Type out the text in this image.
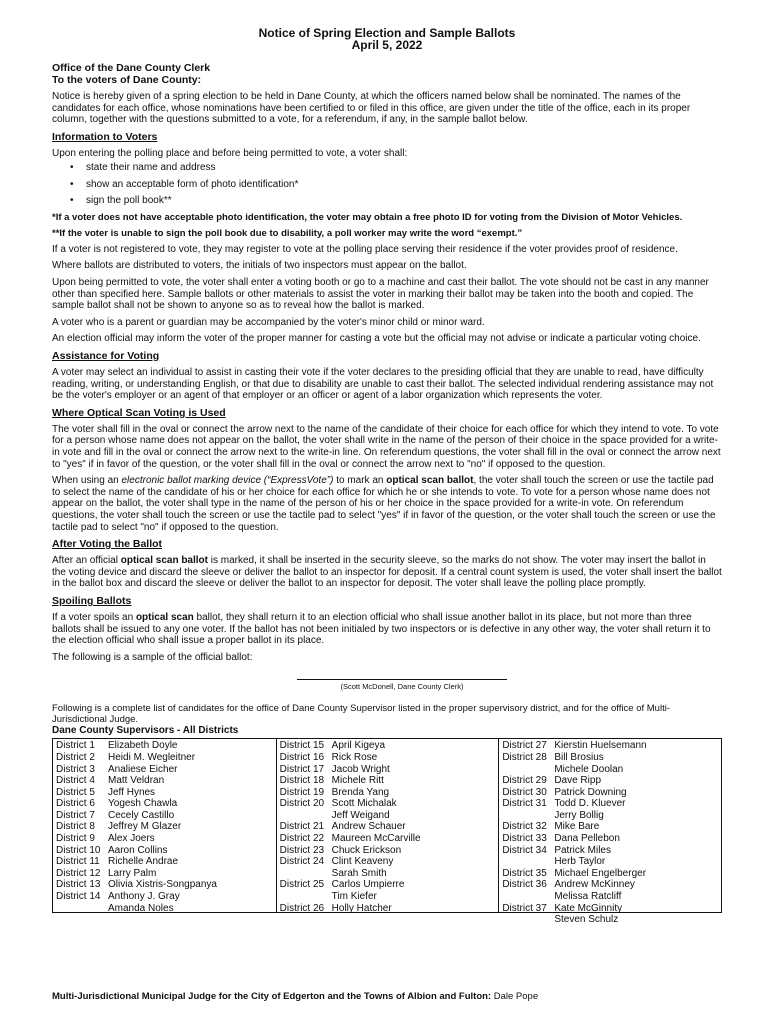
Notice of Spring Election and Sample Ballots
April 5, 2022
Office of the Dane County Clerk
To the voters of Dane County:

Notice is hereby given of a spring election to be held in Dane County, at which the officers named below shall be nominated. The names of the candidates for each office, whose nominations have been certified to or filed in this office, are given under the title of the office, each in its proper column, together with the questions submitted to a vote, for a referendum, if any, in the sample ballot below.

Information to Voters

Upon entering the polling place and before being permitted to vote, a voter shall:

• state their name and address
• show an acceptable form of photo identification*
• sign the poll book**

*If a voter does not have acceptable photo identification, the voter may obtain a free photo ID for voting from the Division of Motor Vehicles.

**If the voter is unable to sign the poll book due to disability, a poll worker may write the word “exempt.”

If a voter is not registered to vote, they may register to vote at the polling place serving their residence if the voter provides proof of residence.

Where ballots are distributed to voters, the initials of two inspectors must appear on the ballot.

Upon being permitted to vote, the voter shall enter a voting booth or go to a machine and cast their ballot. The vote should not be cast in any manner other than specified here. Sample ballots or other materials to assist the voter in marking their ballot may be taken into the booth and copied. The sample ballot shall not be shown to anyone so as to reveal how the ballot is marked.

A voter who is a parent or guardian may be accompanied by the voter's minor child or minor ward.

An election official may inform the voter of the proper manner for casting a vote but the official may not advise or indicate a particular voting choice.

Assistance for Voting

A voter may select an individual to assist in casting their vote if the voter declares to the presiding official that they are unable to read, have difficulty reading, writing, or understanding English, or that due to disability are unable to cast their ballot. The selected individual rendering assistance may not be the voter's employer or an agent of that employer or an officer or agent of a labor organization which represents the voter.

Where Optical Scan Voting is Used

The voter shall fill in the oval or connect the arrow next to the name of the candidate of their choice for each office for which they intend to vote. To vote for a person whose name does not appear on the ballot, the voter shall write in the name of the person of their choice in the space provided for a write-in vote and fill in the oval or connect the arrow next to the write-in line. On referendum questions, the voter shall fill in the oval or connect the arrow next to "yes" if in favor of the question, or the voter shall fill in the oval or connect the arrow next to "no" if opposed to the question.

When using an electronic ballot marking device (“ExpressVote”) to mark an optical scan ballot, the voter shall touch the screen or use the tactile pad to select the name of the candidate of his or her choice for each office for which he or she intends to vote. To vote for a person whose name does not appear on the ballot, the voter shall type in the name of the person of his or her choice in the space provided for a write-in vote. On referendum questions, the voter shall touch the screen or use the tactile pad to select "yes" if in favor of the question, or the voter shall touch the screen or use the tactile pad to select "no" if opposed to the question.

After Voting the Ballot

After an official optical scan ballot is marked, it shall be inserted in the security sleeve, so the marks do not show. The voter may insert the ballot in the voting device and discard the sleeve or deliver the ballot to an inspector for deposit. If a central count system is used, the voter shall insert the ballot in the ballot box and discard the sleeve or deliver the ballot to an inspector for deposit. The voter shall leave the polling place promptly.

Spoiling Ballots

If a voter spoils an optical scan ballot, they shall return it to an election official who shall issue another ballot in its place, but not more than three ballots shall be issued to any one voter. If the ballot has not been initialed by two inspectors or is defective in any other way, the voter shall return it to the election official who shall issue a proper ballot in its place.

The following is a sample of the official ballot:

(Scott McDonell, Dane County Clerk)

Following is a complete list of candidates for the office of Dane County Supervisor listed in the proper supervisory district, and for the office of Multi-Jurisdictional Judge.

Dane County Supervisors - All Districts
District 1	Elizabeth Doyle
District 2	Heidi M. Wegleitner
District 3	Analiese Eicher
District 4	Matt Veldran
District 5	Jeff Hynes
District 6	Yogesh Chawla
District 7	Cecely Castillo
District 8	Jeffrey M Glazer
District 9	Alex Joers
District 10 Aaron Collins
District 11 Richelle Andrae
District 12 Larry Palm
District 13 Olivia Xistris-Songpanya
District 14 Anthony J. Gray
Amanda Noles
District 15 April Kigeya
District 16 Rick Rose
District 17 Jacob Wright
District 18 Michele Ritt
District 19 Brenda Yang
District 20 Scott Michalak
Jeff Weigand
District 21 Andrew Schauer
District 22 Maureen McCarville
District 23 Chuck Erickson
District 24 Clint Keaveny
Sarah Smith
District 25 Carlos Umpierre
Tim Kiefer
District 26 Holly Hatcher
District 27 Kierstin Huelsemann
District 28 Bill Brosius
Michele Doolan
District 29 Dave Ripp
District 30 Patrick Downing
District 31 Todd D. Kluever
Jerry Bollig
District 32 Mike Bare
District 33 Dana Pellebon
District 34 Patrick Miles
Herb Taylor
District 35 Michael Engelberger
District 36 Andrew McKinney
Melissa Ratcliff
District 37 Kate McGinnity
Steven Schulz
Multi-Jurisdictional Municipal Judge for the City of Edgerton and the Towns of Albion and Fulton: Dale Pope
